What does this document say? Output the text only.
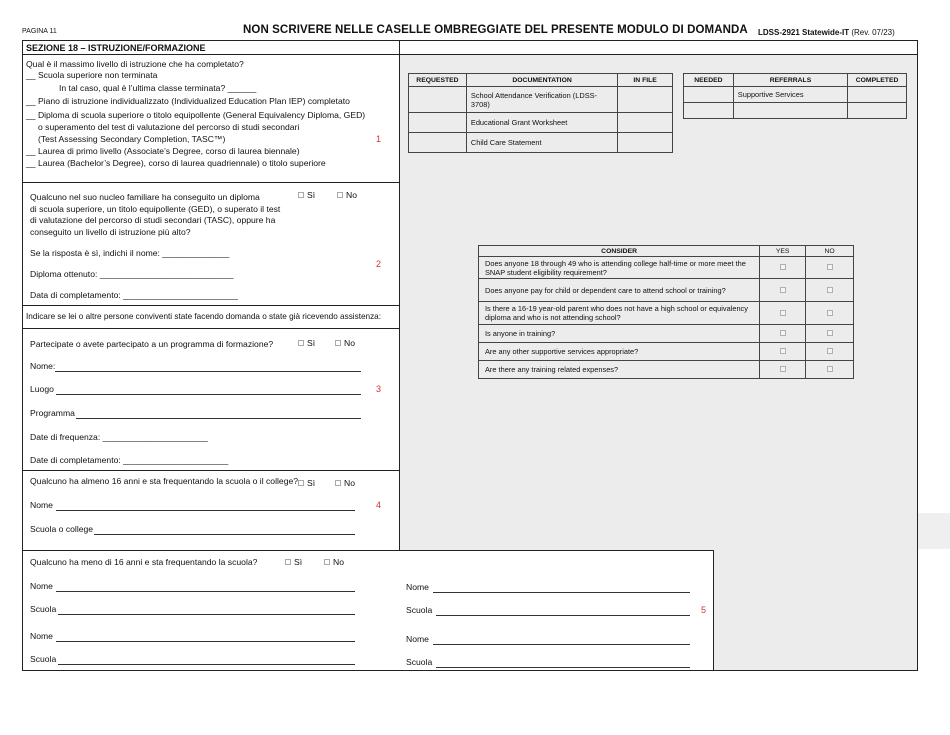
PAGINA 11	NON SCRIVERE NELLE CASELLE OMBREGGIATE DEL PRESENTE MODULO DI DOMANDA LDSS-2921 Statewide-IT (Rev. 07/23)
SEZIONE 18 – ISTRUZIONE/FORMAZIONE
Qual è il massimo livello di istruzione che ha completato?
__ Scuola superiore non terminata
In tal caso, qual è l’ultima classe terminata? ______
__ Piano di istruzione individualizzato (Individualized Education Plan IEP) completato
__ Diploma di scuola superiore o titolo equipollente (General Equivalency Diploma, GED)
o superamento del test di valutazione del percorso di studi secondari
(Test Assessing Secondary Completion, TASC™)
__ Laurea di primo livello (Associate’s Degree, corso di laurea biennale)
__ Laurea (Bachelor’s Degree), corso di laurea quadriennale) o titolo superiore
1
Qualcuno nel suo nucleo familiare ha conseguito un diploma
di scuola superiore, un titolo equipollente (GED), o superato il test
di valutazione del percorso di studi secondari (TASC), oppure ha
conseguito un livello di istruzione più alto?
Sì	No
Se la risposta è sì, indichi il nome: ______________
Diploma ottenuto: ____________________________
Data di completamento: ________________________
2
Indicare se lei o altre persone conviventi state facendo domanda o state già ricevendo assistenza:
Partecipate o avete partecipato a un programma di formazione?	Sì	No
Nome:
Luogo
Programma
Date di frequenza: ______________________
Date di completamento: ______________________
3
Qualcuno ha almeno 16 anni e sta frequentando la scuola o il college?	Sì	No
Nome
Scuola o college
4
Qualcuno ha meno di 16 anni e sta frequentando la scuola?	Sì	No
Nome
Scuola
Nome
Scuola
Nome
Scuola
Nome
Scuola
5
REQUESTED	DOCUMENTATION	IN FILE
	School Attendance Verification (LDSS-3708)	
	Educational Grant Worksheet	
	Child Care Statement	
NEEDED	REFERRALS	COMPLETED
	Supportive Services	

CONSIDER	YES	NO
Does anyone 18 through 49 who is attending college half-time or more meet the SNAP student eligibility requirement?		
Does anyone pay for child or dependent care to attend school or training?		
Is there a 16-19 year-old parent who does not have a high school or equivalency diploma and who is not attending school?		
Is anyone in training?		
Are any other supportive services appropriate?		
Are there any training related expenses?		
